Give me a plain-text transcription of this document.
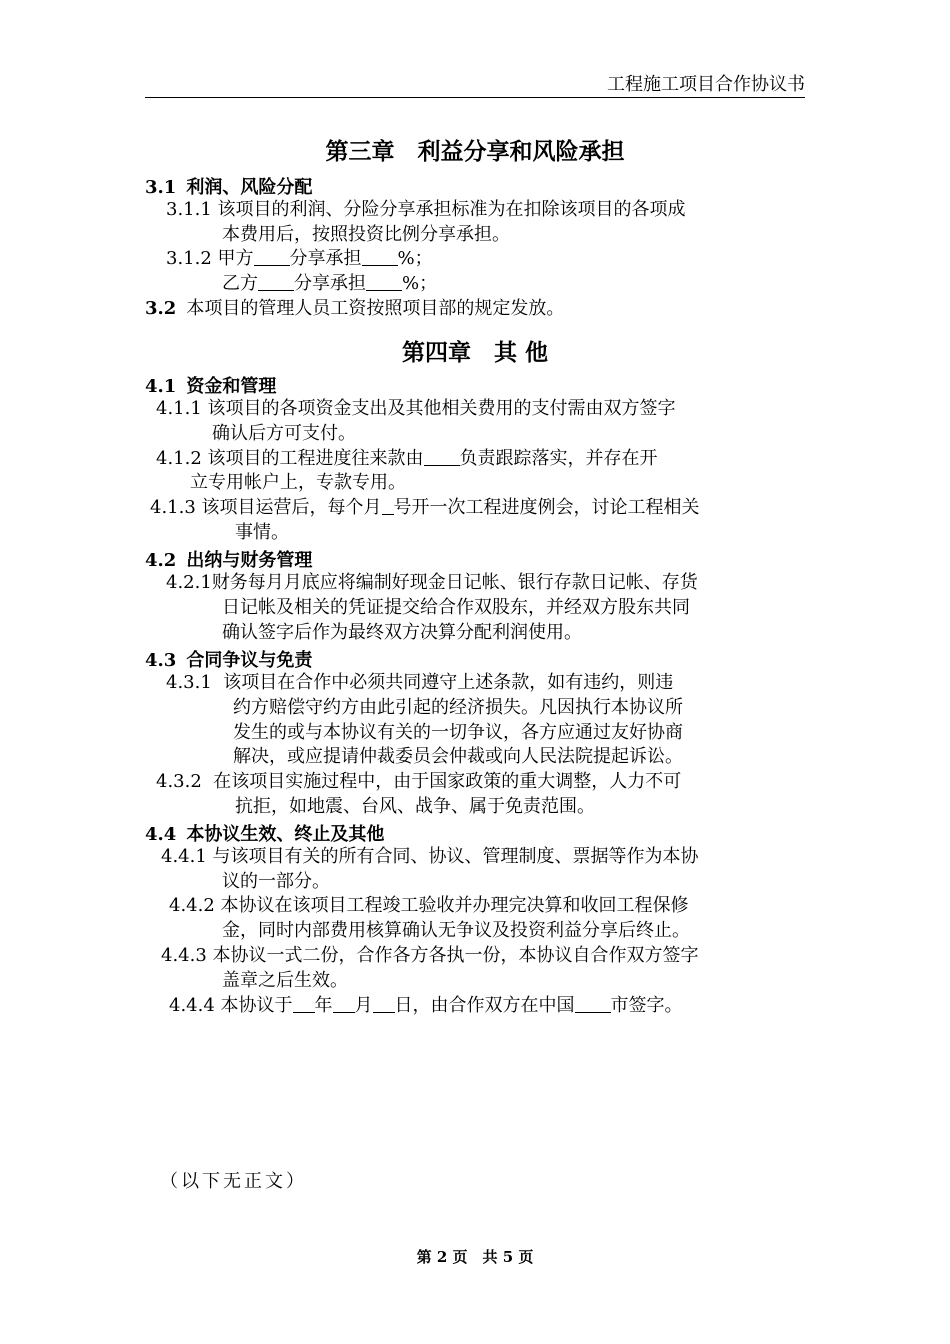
工程施工项目合作协议书
第三章　利益分享和风险承担
3.1 利润、风险分配
3.1.1 该项目的利润、分险分享承担标准为在扣除该项目的各项成
本费用后，按照投资比例分享承担。
3.1.2 甲方 分享承担 %；
乙方 分享承担 %；
3.2 本项目的管理人员工资按照项目部的规定发放。
第四章　其 他
4.1 资金和管理
4.1.1 该项目的各项资金支出及其他相关费用的支付需由双方签字
确认后方可支付。
4.1.2 该项目的工程进度往来款由 负责跟踪落实，并存在开
立专用帐户上，专款专用。
4.1.3 该项目运营后，每个月 号开一次工程进度例会，讨论工程相关
事情。
4.2 出纳与财务管理
4.2.1财务每月月底应将编制好现金日记帐、银行存款日记帐、存货
日记帐及相关的凭证提交给合作双股东，并经双方股东共同
确认签字后作为最终双方决算分配利润使用。
4.3 合同争议与免责
4.3.1 该项目在合作中必须共同遵守上述条款，如有违约，则违
约方赔偿守约方由此引起的经济损失。凡因执行本协议所
发生的或与本协议有关的一切争议，各方应通过友好协商
解决，或应提请仲裁委员会仲裁或向人民法院提起诉讼。
4.3.2 在该项目实施过程中，由于国家政策的重大调整，人力不可
抗拒，如地震、台风、战争、属于免责范围。
4.4 本协议生效、终止及其他
4.4.1 与该项目有关的所有合同、协议、管理制度、票据等作为本协
议的一部分。
4.4.2 本协议在该项目工程竣工验收并办理完决算和收回工程保修
金，同时内部费用核算确认无争议及投资利益分享后终止。
4.4.3 本协议一式二份，合作各方各执一份，本协议自合作双方签字
盖章之后生效。
4.4.4 本协议于 年 月 日，由合作双方在中国 市签字。
（以下无正文）
第 2 页　共 5 页
